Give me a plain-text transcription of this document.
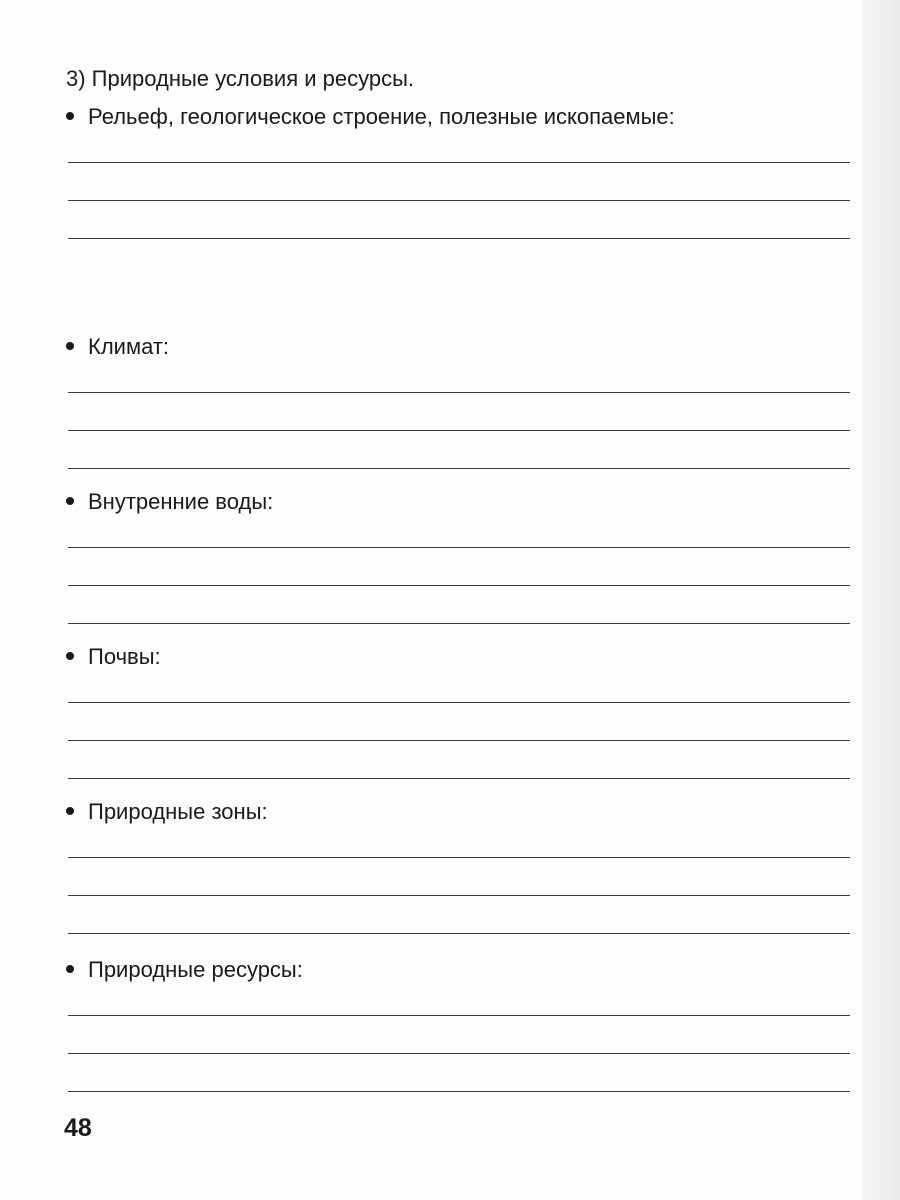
3) Природные условия и ресурсы.
Рельеф, геологическое строение, полезные ископаемые:
Климат:
Внутренние воды:
Почвы:
Природные зоны:
Природные ресурсы:
48
